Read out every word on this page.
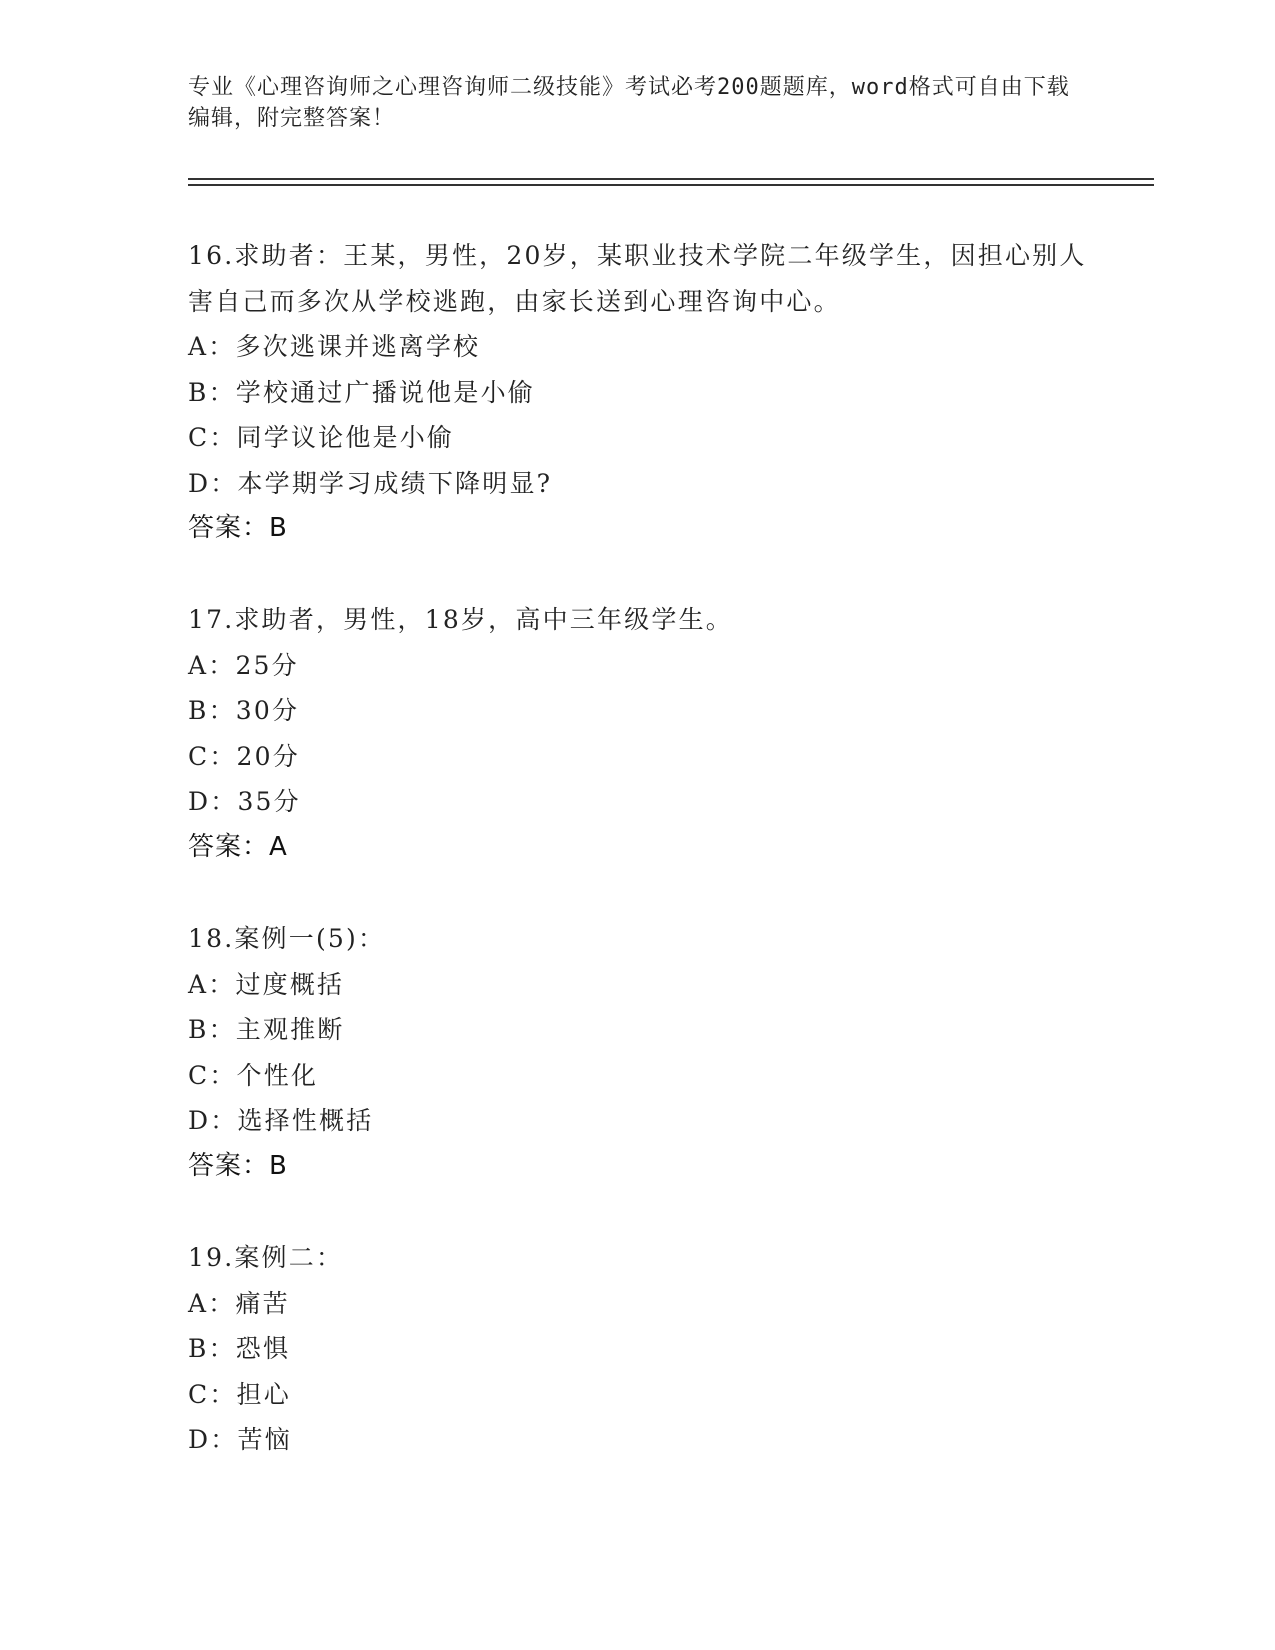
专业《心理咨询师之心理咨询师二级技能》考试必考200题题库，word格式可自由下载编辑，附完整答案！
16.求助者：王某，男性，20岁，某职业技术学院二年级学生，因担心别人害自己而多次从学校逃跑，由家长送到心理咨询中心。
A：多次逃课并逃离学校
B：学校通过广播说他是小偷
C：同学议论他是小偷
D：本学期学习成绩下降明显?
答案：B
17.求助者，男性，18岁，高中三年级学生。
A：25分
B：30分
C：20分
D：35分
答案：A
18.案例一(5)：
A：过度概括
B：主观推断
C：个性化
D：选择性概括
答案：B
19.案例二：
A：痛苦
B：恐惧
C：担心
D：苦恼
